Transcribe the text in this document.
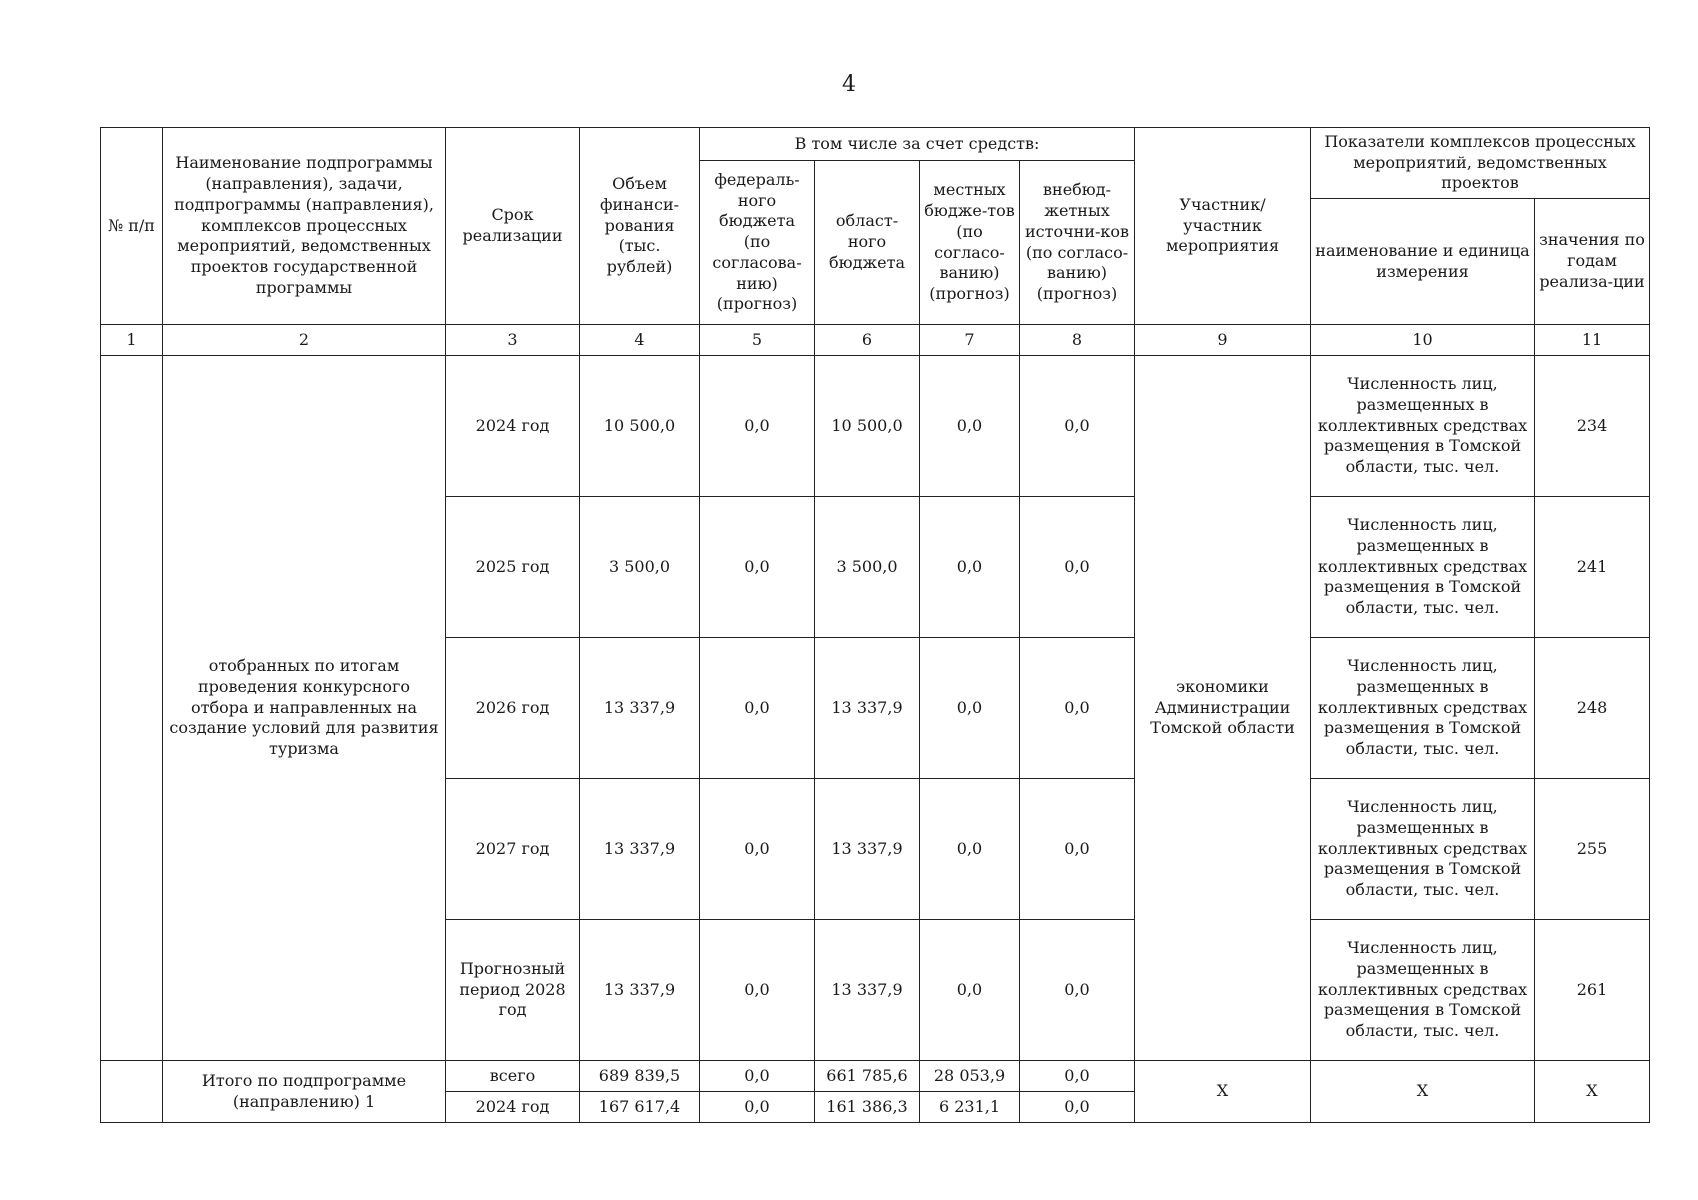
4
№ п/п	Наименование подпрограммы (направления), задачи, подпрограммы (направления), комплексов процессных мероприятий, ведомственных проектов государственной программы	Срок реализации	Объем финанси-рования (тыс. рублей)	В том числе за счет средств:				Участник/ участник мероприятия	Показатели комплексов процессных мероприятий, ведомственных проектов	
				федераль-ного бюджета (по согласова-нию) (прогноз)	област-ного бюджета	местных бюдже-тов (по согласо-ванию) (прогноз)	внебюд-жетных источни-ков (по согласо-ванию) (прогноз)			
									наименование и единица измерения	значения по годам реализа-ции
1	2	3	4	5	6	7	8	9	10	11
	отобранных по итогам проведения конкурсного отбора и направленных на создание условий для развития туризма	2024 год	10 500,0	0,0	10 500,0	0,0	0,0	экономики Администрации Томской области	Численность лиц, размещенных в коллективных средствах размещения в Томской области, тыс. чел.	234
		2025 год	3 500,0	0,0	3 500,0	0,0	0,0		Численность лиц, размещенных в коллективных средствах размещения в Томской области, тыс. чел.	241
		2026 год	13 337,9	0,0	13 337,9	0,0	0,0		Численность лиц, размещенных в коллективных средствах размещения в Томской области, тыс. чел.	248
		2027 год	13 337,9	0,0	13 337,9	0,0	0,0		Численность лиц, размещенных в коллективных средствах размещения в Томской области, тыс. чел.	255
		Прогнозный период 2028 год	13 337,9	0,0	13 337,9	0,0	0,0		Численность лиц, размещенных в коллективных средствах размещения в Томской области, тыс. чел.	261
	Итого по подпрограмме (направлению) 1	всего	689 839,5	0,0	661 785,6	28 053,9	0,0	Х	Х	Х
		2024 год	167 617,4	0,0	161 386,3	6 231,1	0,0			
